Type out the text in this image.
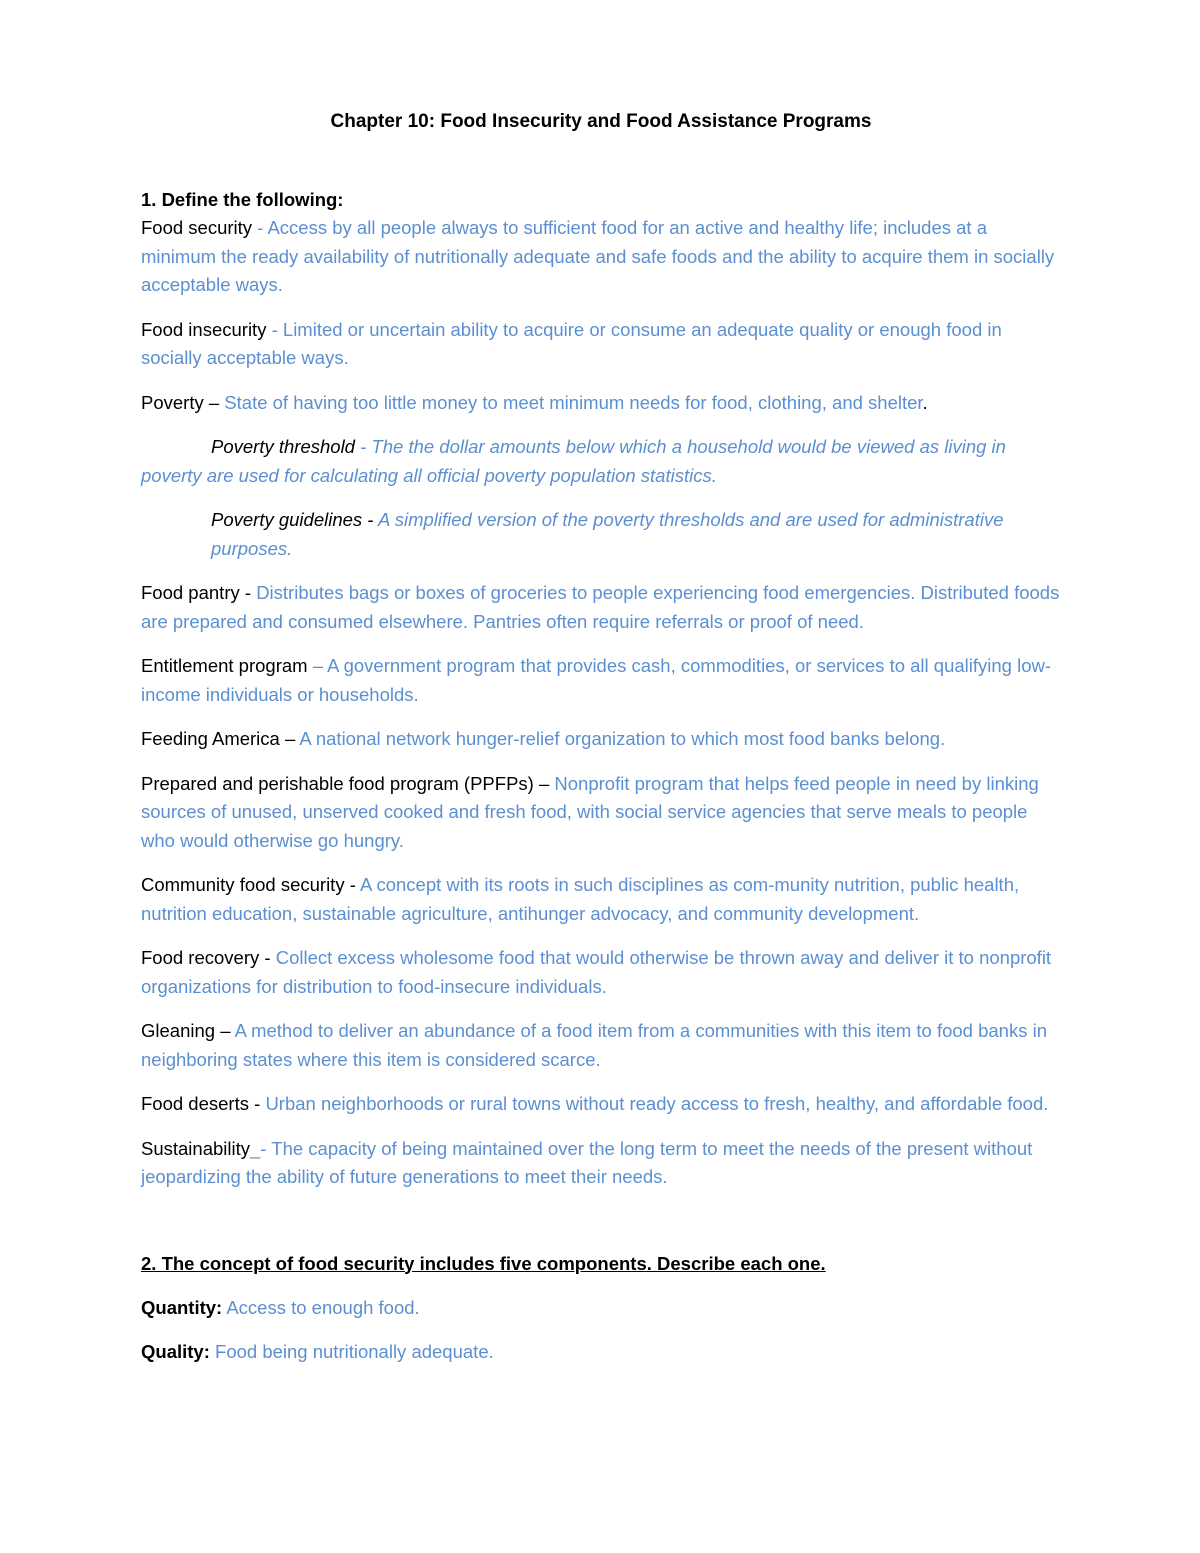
Chapter 10: Food Insecurity and Food Assistance Programs

1. Define the following:

Food security - Access by all people always to sufficient food for an active and healthy life; includes at a minimum the ready availability of nutritionally adequate and safe foods and the ability to acquire them in socially acceptable ways.

Food insecurity - Limited or uncertain ability to acquire or consume an adequate quality or enough food in socially acceptable ways.

Poverty – State of having too little money to meet minimum needs for food, clothing, and shelter.

Poverty threshold - The the dollar amounts below which a household would be viewed as living in poverty are used for calculating all official poverty population statistics.

Poverty guidelines - A simplified version of the poverty thresholds and are used for administrative purposes.

Food pantry - Distributes bags or boxes of groceries to people experiencing food emergencies. Distributed foods are prepared and consumed elsewhere. Pantries often require referrals or proof of need.

Entitlement program – A government program that provides cash, commodities, or services to all qualifying low-income individuals or households.

Feeding America – A national network hunger-relief organization to which most food banks belong.

Prepared and perishable food program (PPFPs) – Nonprofit program that helps feed people in need by linking sources of unused, unserved cooked and fresh food, with social service agencies that serve meals to people who would otherwise go hungry.

Community food security - A concept with its roots in such disciplines as com-munity nutrition, public health, nutrition education, sustainable agriculture, antihunger advocacy, and community development.

Food recovery - Collect excess wholesome food that would otherwise be thrown away and deliver it to nonprofit organizations for distribution to food-insecure individuals.

Gleaning – A method to deliver an abundance of a food item from a communities with this item to food banks in neighboring states where this item is considered scarce.

Food deserts - Urban neighborhoods or rural towns without ready access to fresh, healthy, and affordable food.

Sustainability_- The capacity of being maintained over the long term to meet the needs of the present without jeopardizing the ability of future generations to meet their needs.

2. The concept of food security includes five components. Describe each one.

Quantity: Access to enough food.

Quality: Food being nutritionally adequate.
